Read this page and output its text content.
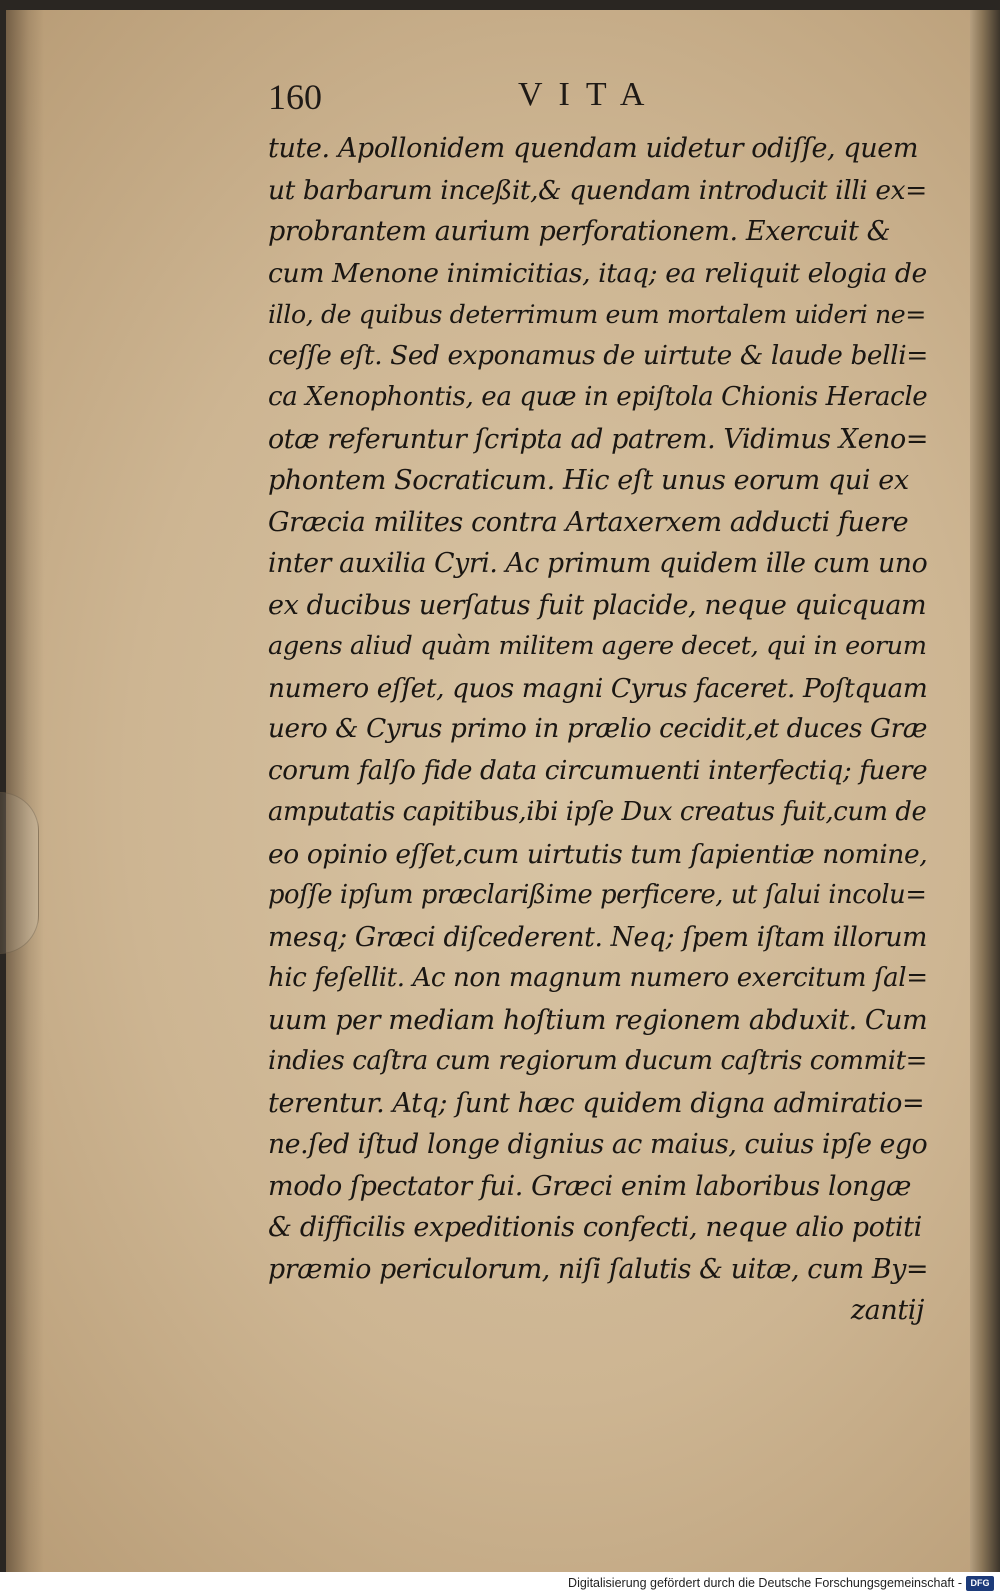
160	VITA
tute. Apollonidem quendam uidetur odiſſe, quem
ut barbarum inceßit,& quendam introducit illi ex=
probrantem aurium perforationem. Exercuit &
cum Menone inimicitias, itaq; ea reliquit elogia de
illo, de quibus deterrimum eum mortalem uideri ne=
ceſſe eſt. Sed exponamus de uirtute & laude belli=
ca Xenophontis, ea quæ in epiſtola Chionis Heracle
otæ referuntur ſcripta ad patrem. Vidimus Xeno=
phontem Socraticum. Hic eſt unus eorum qui ex
Græcia milites contra Artaxerxem adducti fuere
inter auxilia Cyri. Ac primum quidem ille cum uno
ex ducibus uerſatus fuit placide, neque quicquam
agens aliud quàm militem agere decet, qui in eorum
numero eſſet, quos magni Cyrus faceret. Poſtquam
uero & Cyrus primo in prælio cecidit,et duces Græ
corum falſo fide data circumuenti interfectiq; fuere
amputatis capitibus,ibi ipſe Dux creatus fuit,cum de
eo opinio eſſet,cum uirtutis tum ſapientiæ nomine,
poſſe ipſum præclarißime perficere, ut ſalui incolu=
mesq; Græci diſcederent. Neq; ſpem iſtam illorum
hic feſellit. Ac non magnum numero exercitum ſal=
uum per mediam hoſtium regionem abduxit. Cum
indies caſtra cum regiorum ducum caſtris commit=
terentur. Atq; ſunt hæc quidem digna admiratio=
ne.ſed iſtud longe dignius ac maius, cuius ipſe ego
modo ſpectator fui. Græci enim laboribus longæ
& difficilis expeditionis confecti, neque alio potiti
præmio periculorum, niſi ſalutis & uitæ, cum By=
zantij
Digitalisierung gefördert durch die Deutsche Forschungsgemeinschaft - DFG
